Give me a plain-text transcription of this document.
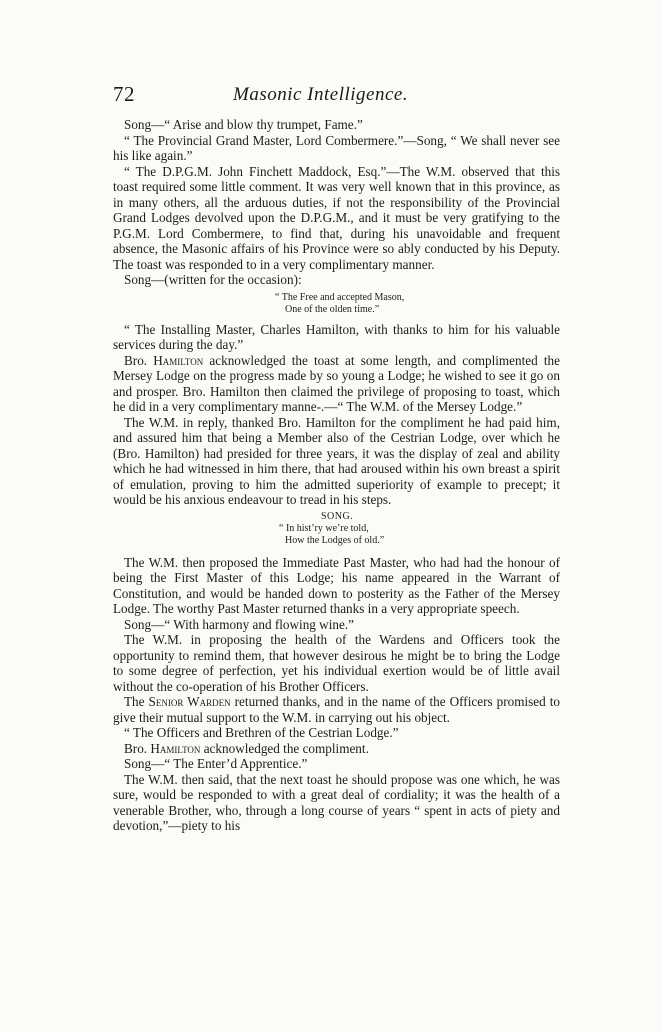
72	Masonic Intelligence.

Song—“ Arise and blow thy trumpet, Fame.”

“ The Provincial Grand Master, Lord Combermere.”—Song, “ We shall never see his like again.”

“ The D.P.G.M. John Finchett Maddock, Esq.”—The W.M. observed that this toast required some little comment. It was very well known that in this province, as in many others, all the arduous duties, if not the responsibility of the Provincial Grand Lodges devolved upon the D.P.G.M., and it must be very gratifying to the P.G.M. Lord Combermere, to find that, during his unavoidable and frequent absence, the Masonic affairs of his Province were so ably conducted by his Deputy. The toast was responded to in a very complimentary manner.

Song—(written for the occasion):

“ The Free and accepted Mason,
One of the olden time.”

“ The Installing Master, Charles Hamilton, with thanks to him for his valuable services during the day.”

Bro. Hamilton acknowledged the toast at some length, and complimented the Mersey Lodge on the progress made by so young a Lodge; he wished to see it go on and prosper. Bro. Hamilton then claimed the privilege of proposing to toast, which he did in a very complimentary manne-.—“ The W.M. of the Mersey Lodge.”

The W.M. in reply, thanked Bro. Hamilton for the compliment he had paid him, and assured him that being a Member also of the Cestrian Lodge, over which he (Bro. Hamilton) had presided for three years, it was the display of zeal and ability which he had witnessed in him there, that had aroused within his own breast a spirit of emulation, proving to him the admitted superiority of example to precept; it would be his anxious endeavour to tread in his steps.

SONG.
“ In hist’ry we’re told,
How the Lodges of old.”

The W.M. then proposed the Immediate Past Master, who had had the honour of being the First Master of this Lodge; his name appeared in the Warrant of Constitution, and would be handed down to posterity as the Father of the Mersey Lodge. The worthy Past Master returned thanks in a very appropriate speech.

Song—“ With harmony and flowing wine.”

The W.M. in proposing the health of the Wardens and Officers took the opportunity to remind them, that however desirous he might be to bring the Lodge to some degree of perfection, yet his individual exertion would be of little avail without the co-operation of his Brother Officers.

The Senior Warden returned thanks, and in the name of the Officers promised to give their mutual support to the W.M. in carrying out his object.

“ The Officers and Brethren of the Cestrian Lodge.”

Bro. Hamilton acknowledged the compliment.

Song—“ The Enter’d Apprentice.”

The W.M. then said, that the next toast he should propose was one which, he was sure, would be responded to with a great deal of cordiality; it was the health of a venerable Brother, who, through a long course of years “ spent in acts of piety and devotion,”—piety to his
